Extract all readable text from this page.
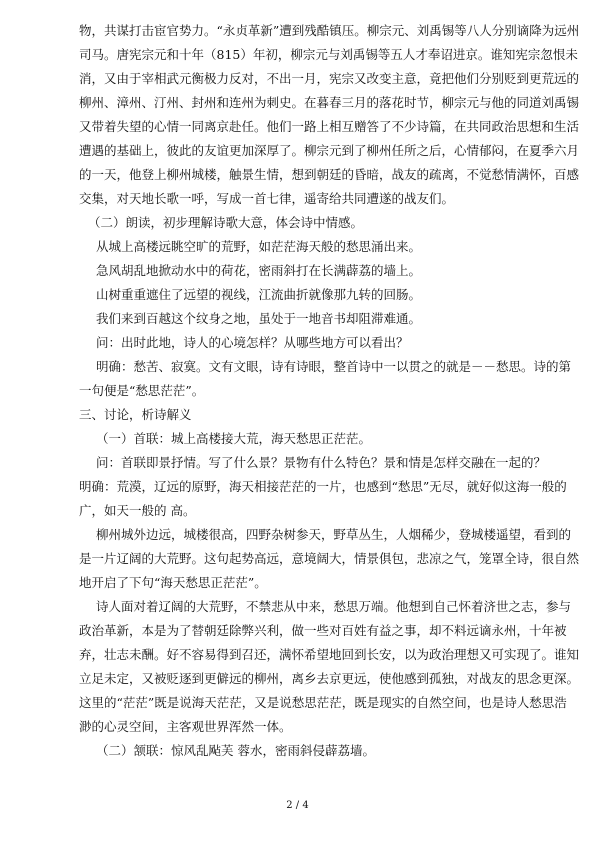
物，共谋打击宦官势力。“永贞革新”遭到残酷镇压。柳宗元、刘禹锡等八人分别谪降为远州
司马。唐宪宗元和十年（815）年初，柳宗元与刘禹锡等五人才奉诏进京。谁知宪宗忽恨未
消，又由于宰相武元衡极力反对，不出一月，宪宗又改变主意，竟把他们分别贬到更荒远的
柳州、漳州、汀州、封州和连州为刺史。在暮春三月的落花时节，柳宗元与他的同道刘禹锡
又带着失望的心情一同离京赴任。他们一路上相互赠答了不少诗篇，在共同政治思想和生活
遭遇的基础上，彼此的友谊更加深厚了。柳宗元到了柳州任所之后，心情郁闷，在夏季六月
的一天，他登上柳州城楼，触景生情，想到朝廷的昏暗，战友的疏离，不觉愁情满怀，百感
交集，对天地长歌一呼，写成一首七律，遥寄给共同遭遂的战友们。
（二）朗读，初步理解诗歌大意，体会诗中情感。
从城上高楼远眺空旷的荒野，如茫茫海天般的愁思涌出来。
急风胡乱地掀动水中的荷花，密雨斜打在长满薜荔的墙上。
山树重重遮住了远望的视线，江流曲折就像那九转的回肠。
我们来到百越这个纹身之地，虽处于一地音书却阻滞难通。
问：出时此地，诗人的心境怎样？从哪些地方可以看出？
明确：愁苦、寂寞。文有文眼，诗有诗眼，整首诗中一以贯之的就是－－愁思。诗的第
一句便是“愁思茫茫”。
三、讨论，析诗解义
（一）首联：城上高楼接大荒，海天愁思正茫茫。
问：首联即景抒情。写了什么景？景物有什么特色？景和情是怎样交融在一起的？
明确：荒漠，辽远的原野，海天相接茫茫的一片，也感到“愁思”无尽，就好似这海一般的
广，如天一般的 高。
柳州城外边远，城楼很高，四野杂树参天，野草丛生，人烟稀少，登城楼遥望，看到的
是一片辽阔的大荒野。这句起势高远，意境阔大，情景俱包，悲凉之气，笼罩全诗，很自然
地开启了下句“海天愁思正茫茫”。
诗人面对着辽阔的大荒野，不禁悲从中来，愁思万端。他想到自己怀着济世之志，参与
政治革新，本是为了替朝廷除弊兴利，做一些对百姓有益之事，却不料远谪永州，十年被
弃，壮志未酬。好不容易得到召还，满怀希望地回到长安，以为政治理想又可实现了。谁知
立足未定，又被贬逐到更僻远的柳州，离乡去京更远，使他感到孤独，对战友的思念更深。
这里的“茫茫”既是说海天茫茫，又是说愁思茫茫，既是现实的自然空间，也是诗人愁思浩
渺的心灵空间，主客观世界浑然一体。
（二）颔联：惊风乱飐芙 蓉水，密雨斜侵薜荔墙。
2 / 4
